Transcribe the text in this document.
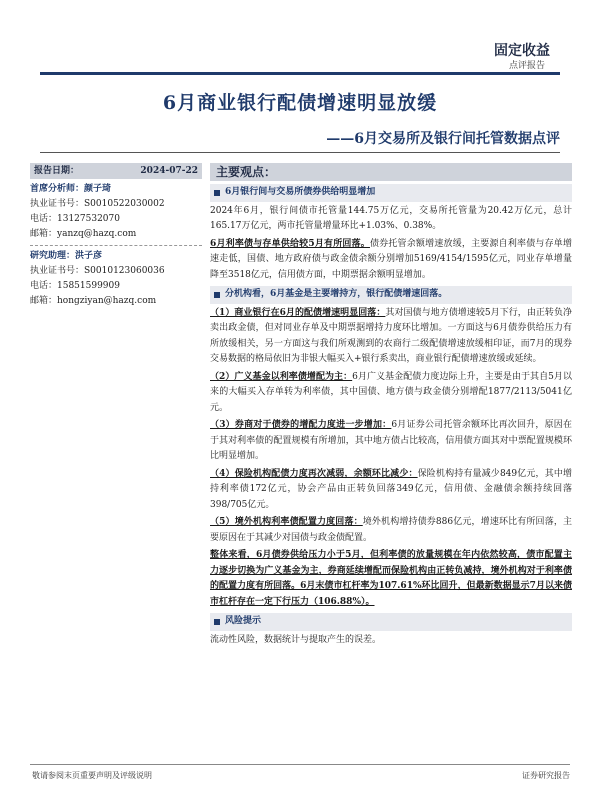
固定收益
点评报告
6月商业银行配债增速明显放缓
——6月交易所及银行间托管数据点评
报告日期：	2024-07-22
首席分析师：颜子琦
执业证书号：S0010522030002
电话：13127532070
邮箱：yanzq@hazq.com
研究助理：洪子彦
执业证书号：S0010123060036
电话：15851599909
邮箱：hongziyan@hazq.com
主要观点：
6月银行间与交易所债券供给明显增加

2024年6月，银行间债市托管量144.75万亿元，交易所托管量为20.42万亿元，总计165.17万亿元，两市托管量增量环比+1.03%、0.38%。

6月利率债与存单供给较5月有所回落。债券托管余额增速放缓，主要源自利率债与存单增速走低，国债、地方政府债与政金债余额分别增加5169/4154/1595亿元，同业存单增量降至3518亿元，信用债方面，中期票据余额明显增加。

分机构看，6月基金是主要增持方，银行配债增速回落。

（1）商业银行在6月的配债增速明显回落：其对国债与地方债增速较5月下行，由正转负净卖出政金债，但对同业存单及中期票据增持力度环比增加。一方面这与6月债券供给压力有所放缓相关，另一方面这与我们所观测到的农商行二级配债增速放缓相印证，而7月的现券交易数据的格局依旧为非银大幅买入+银行系卖出，商业银行配债增速放缓或延续。

（2）广义基金以利率债增配为主：6月广义基金配债力度边际上升，主要是由于其自5月以来的大幅买入存单转为利率债，其中国债、地方债与政金债分别增配1877/2113/5041亿元。

（3）券商对于债券的增配力度进一步增加：6月证券公司托管余额环比再次回升，原因在于其对利率债的配置规模有所增加，其中地方债占比较高，信用债方面其对中票配置规模环比明显增加。

（4）保险机构配债力度再次减弱，余额环比减少：保险机构持有量减少849亿元，其中增持利率债172亿元，协会产品由正转负回落349亿元，信用债、金融债余额持续回落398/705亿元。

（5）境外机构利率债配置力度回落：境外机构增持债券886亿元，增速环比有所回落，主要原因在于其减少对国债与政金债配置。

整体来看，6月债券供给压力小于5月，但利率债的放量规模在年内依然较高，债市配置主力逐步切换为广义基金为主，券商延续增配而保险机构由正转负减持，境外机构对于利率债的配置力度有所回落。6月末债市杠杆率为107.61%环比回升，但最新数据显示7月以来债市杠杆存在一定下行压力（106.88%）。

风险提示

流动性风险，数据统计与提取产生的误差。

敬请参阅末页重要声明及评级说明	证券研究报告
